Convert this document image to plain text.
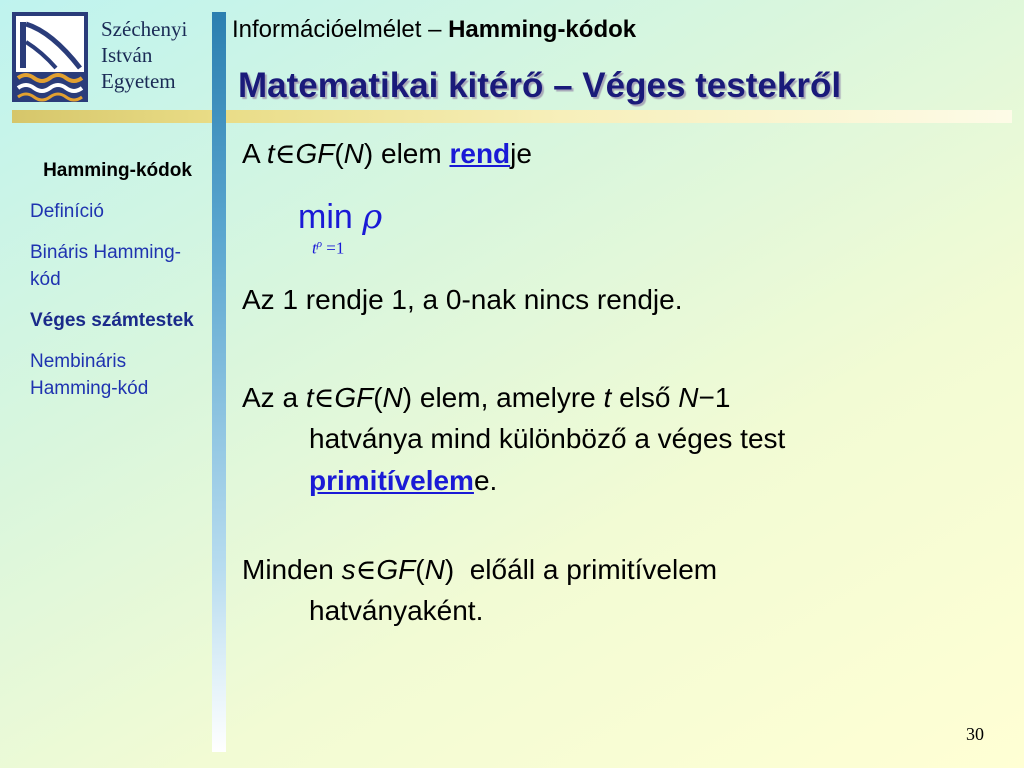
Széchenyi
István
Egyetem
Információelmélet – Hamming-kódok
Matematikai kitérő – Véges testekről
Hamming-kódok
Definíció
Bináris Hamming-kód
Véges számtestek
Nembináris Hamming-kód
A t∈GF(N) elem rendje
Az 1 rendje 1, a 0-nak nincs rendje.
Az a t∈GF(N) elem, amelyre t első N−1
hatványa mind különböző a véges test
primitíveleme.
Minden s∈GF(N)  előáll a primitívelem
hatványaként.
min ρ
$t^\rho =1$
30
